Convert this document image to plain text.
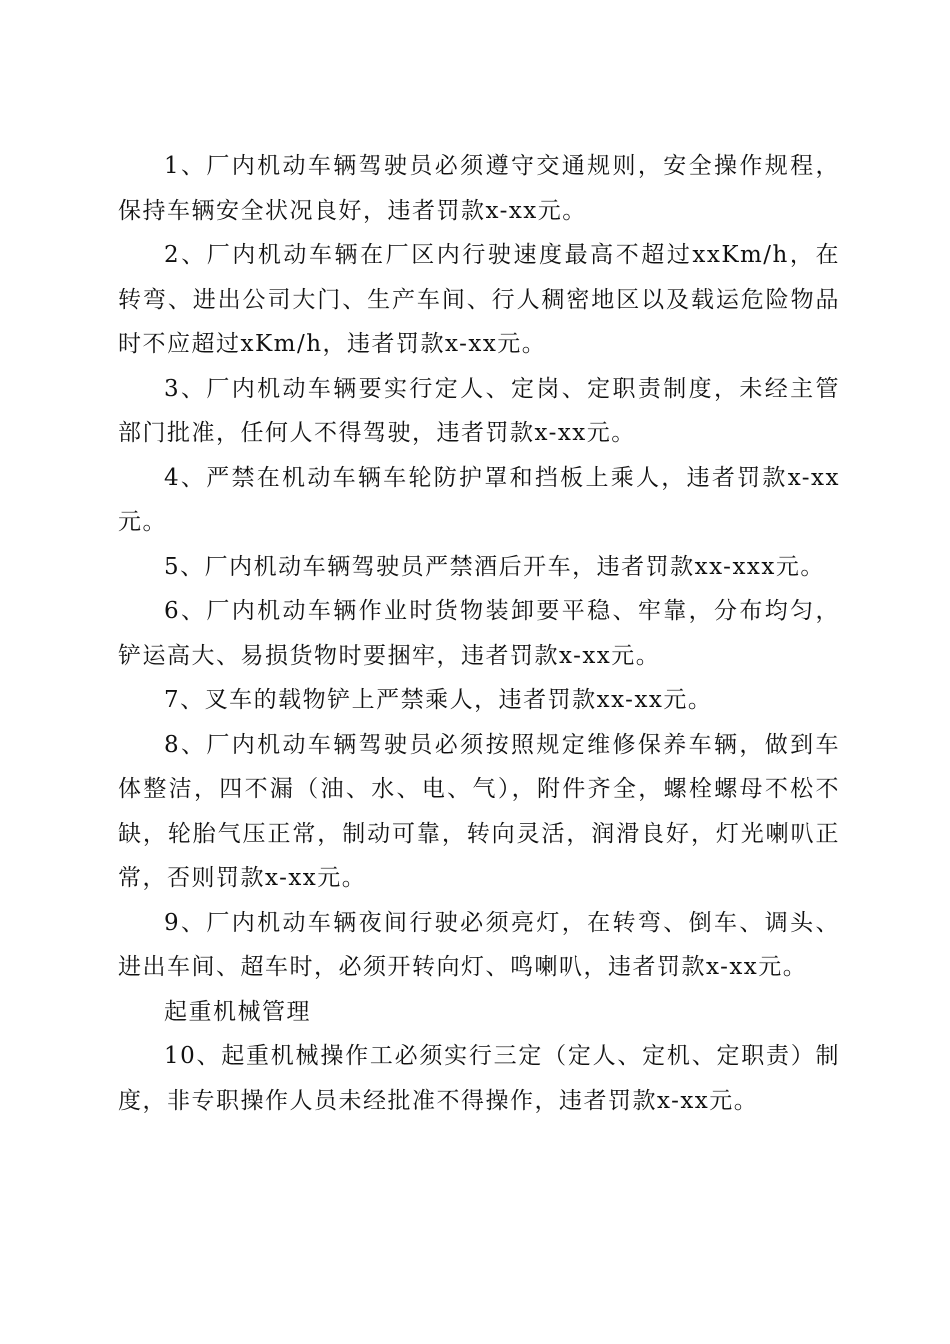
1、厂内机动车辆驾驶员必须遵守交通规则，安全操作规程，保持车辆安全状况良好，违者罚款x-xx元。

2、厂内机动车辆在厂区内行驶速度最高不超过xxKm/h，在转弯、进出公司大门、生产车间、行人稠密地区以及载运危险物品时不应超过xKm/h，违者罚款x-xx元。

3、厂内机动车辆要实行定人、定岗、定职责制度，未经主管部门批准，任何人不得驾驶，违者罚款x-xx元。

4、严禁在机动车辆车轮防护罩和挡板上乘人，违者罚款x-xx元。

5、厂内机动车辆驾驶员严禁酒后开车，违者罚款xx-xxx元。

6、厂内机动车辆作业时货物装卸要平稳、牢靠，分布均匀，铲运高大、易损货物时要捆牢，违者罚款x-xx元。

7、叉车的载物铲上严禁乘人，违者罚款xx-xx元。

8、厂内机动车辆驾驶员必须按照规定维修保养车辆，做到车体整洁，四不漏（油、水、电、气），附件齐全，螺栓螺母不松不缺，轮胎气压正常，制动可靠，转向灵活，润滑良好，灯光喇叭正常，否则罚款x-xx元。

9、厂内机动车辆夜间行驶必须亮灯，在转弯、倒车、调头、进出车间、超车时，必须开转向灯、鸣喇叭，违者罚款x-xx元。

起重机械管理

10、起重机械操作工必须实行三定（定人、定机、定职责）制度，非专职操作人员未经批准不得操作，违者罚款x-xx元。
